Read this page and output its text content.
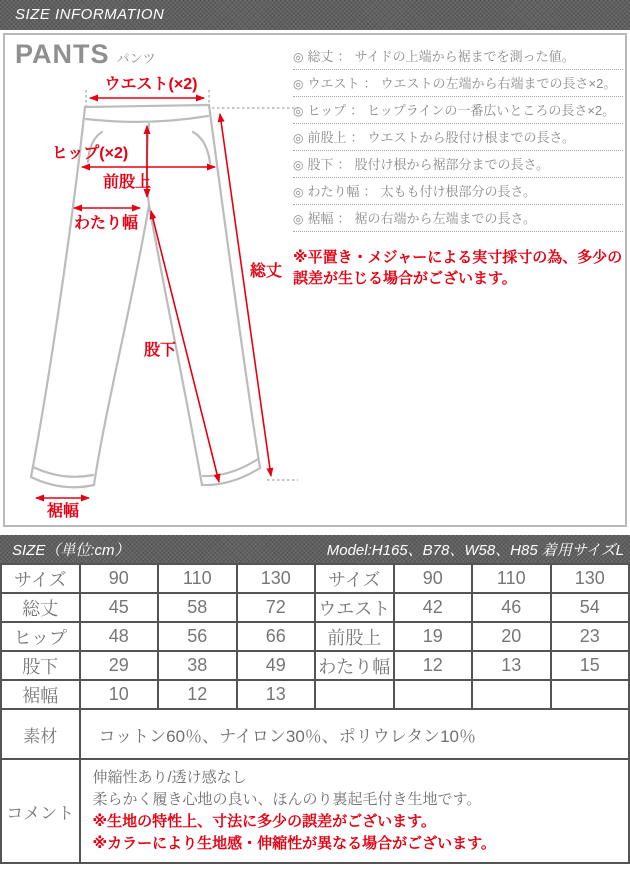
SIZE INFORMATION
PANTS パンツ
ウエスト(×2)
ヒップ(×2)
前股上
わたり幅
総丈
股下
裾幅
◎ 総丈 ： サイドの上端から裾までを測った値。
◎ ウエスト ： ウエストの左端から右端までの長さ×2。
◎ ヒップ ： ヒップラインの一番広いところの長さ×2。
◎ 前股上 ： ウエストから股付け根までの長さ。
◎ 股下 ： 股付け根から裾部分までの長さ。
◎ わたり幅 ： 太もも付け根部分の長さ。
◎ 裾幅 ： 裾の右端から左端までの長さ。
※平置き・メジャーによる実寸採寸の為、多少の誤差が生じる場合がございます。
SIZE（単位:cm）	Model:H165、B78、W58、H85 着用サイズL
サイズ	90	110	130	サイズ	90	110	130
総丈	45	58	72	ウエスト	42	46	54
ヒップ	48	56	66	前股上	19	20	23
股下	29	38	49	わたり幅	12	13	15
裾幅	10	12	13				
素材	コットン60％、ナイロン30％、ポリウレタン10％						
コメント	伸縮性あり/透け感なし
柔らかく履き心地の良い、ほんのり裏起毛付き生地です。
※生地の特性上、寸法に多少の誤差がございます。
※カラーにより生地感・伸縮性が異なる場合がございます。						
